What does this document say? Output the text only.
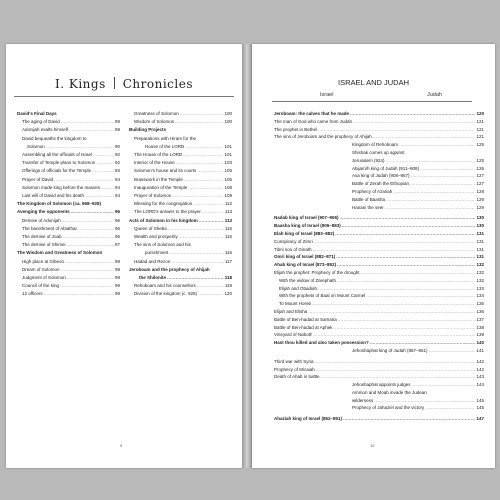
I. Kings Chronicles
David's Final Days
The aging of David .....	89
Adonijah exalts himself .....	89
David bequeaths the kingdom to
Solomon .....	90
Assembling all the officials of Israel .....	92
Transfer of Temple plans to Solomon .....	92
Offerings of officials for the Temple .....	93
Prayer of David .....	94
Solomon made king before the masses .....	94
Last will of David and his death .....	94
The Kingdom of Solomon (ca. 968–928)
Avenging the opponents .....	96
Demise of Adonijah .....	96
The banishment of Abiathar .....	96
The demise of Joab .....	96
The demise of Shimei .....	97
The Wisdom and Greatness of Solomon
High place at Gibeon .....	98
Dream of Solomon .....	98
Judgment of Solomon .....	98
Council of the king .....	99
12 officers .....	99
Greatness of Solomon .....	100
Wisdom of Solomon .....	100
Building Projects
Preparations with Hiram for the
House of the LORD .....	101
The House of the LORD .....	101
Interior of the House .....	103
Solomon's house and its courts .....	105
Brasswork in the Temple .....	105
Inauguration of the Temple .....	108
Prayer of Solomon .....	109
Blessing for the congregation .....	112
The LORD's answer to the prayer .....	113
Acts of Solomon in his kingdom .....	113
Queen of Sheba .....	115
Wealth and prosperity .....	115
The sins of Solomon and his
punishment .....	116
Hadad and Rezon .....	117
Jeroboam and the prophecy of Ahijah
the Shilonite .....	118
Rehoboam and his counsellors .....	119
Division of the kingdom (c. 928) .....	120
9
ISRAEL AND JUDAH
Israel	Judah
Jeroboam: the calves that he made .....	120
The man of God who came from Judah .....	121
The prophet in Bethel .....	121
The sins of Jeroboam and the prophecy of Ahijah .....	121
Kingdom of Rehoboam .....	125
Shishak comes up against
Jerusalem (924) .....	125
Abijam/h king of Judah (911–908) .....	126
Asa king of Judah (908–867) .....	127
Battle of Zerah the Ethiopian .....	127
Prophecy of Azariah .....	128
Battle of Baasha .....	129
Hanani the seer .....	129
Nadab king of Israel (907–906) .....	130
Baasha king of Israel (906–883) .....	130
Elah king of Israel (883–882) .....	131
Conspiracy of Zimri .....	131
Tibni son of Ginath .....	131
Omri king of Israel (882–871) .....	131
Ahab king of Israel (873–852) .....	132
Elijah the prophet: Prophecy of the drought .....	132
With the widow of Zarephath .....	132
Elijah and Obadiah .....	133
With the prophets of Baal on Mount Carmel .....	134
To Mount Horeb .....	136
Elijah and Elisha .....	136
Battle of Ben-hadad at Samaria .....	137
Battle of Ben-hadad at Aphek .....	138
Vineyard of Naboth .....	139
Hast thou killed and also taken possession? .....	140
Jehoshaphat king of Judah (867–851) .....	141
Third war with Syria .....	142
Prophecy of Micaiah .....	142
Death of Ahab in battle .....	143
Jehoshaphat appoints judges .....	144
Ammon and Moab invade the Judean
wilderness .....	145
Prophecy of Jahaziel and the victory .....	145
Ahaziah king of Israel (852–851) .....	147
10
